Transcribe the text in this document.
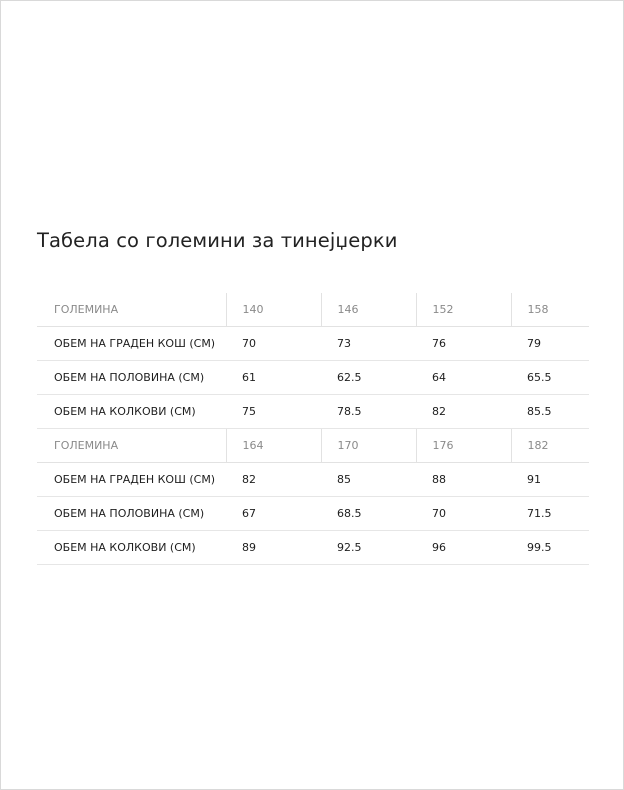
Табела со големини за тинејџерки
ГОЛЕМИНА	140	146	152	158
ОБЕМ НА ГРАДЕН КОШ (СМ)	70	73	76	79
ОБЕМ НА ПОЛОВИНА (СМ)	61	62.5	64	65.5
ОБЕМ НА КОЛКОВИ (СМ)	75	78.5	82	85.5
ГОЛЕМИНА	164	170	176	182
ОБЕМ НА ГРАДЕН КОШ (СМ)	82	85	88	91
ОБЕМ НА ПОЛОВИНА (СМ)	67	68.5	70	71.5
ОБЕМ НА КОЛКОВИ (СМ)	89	92.5	96	99.5
